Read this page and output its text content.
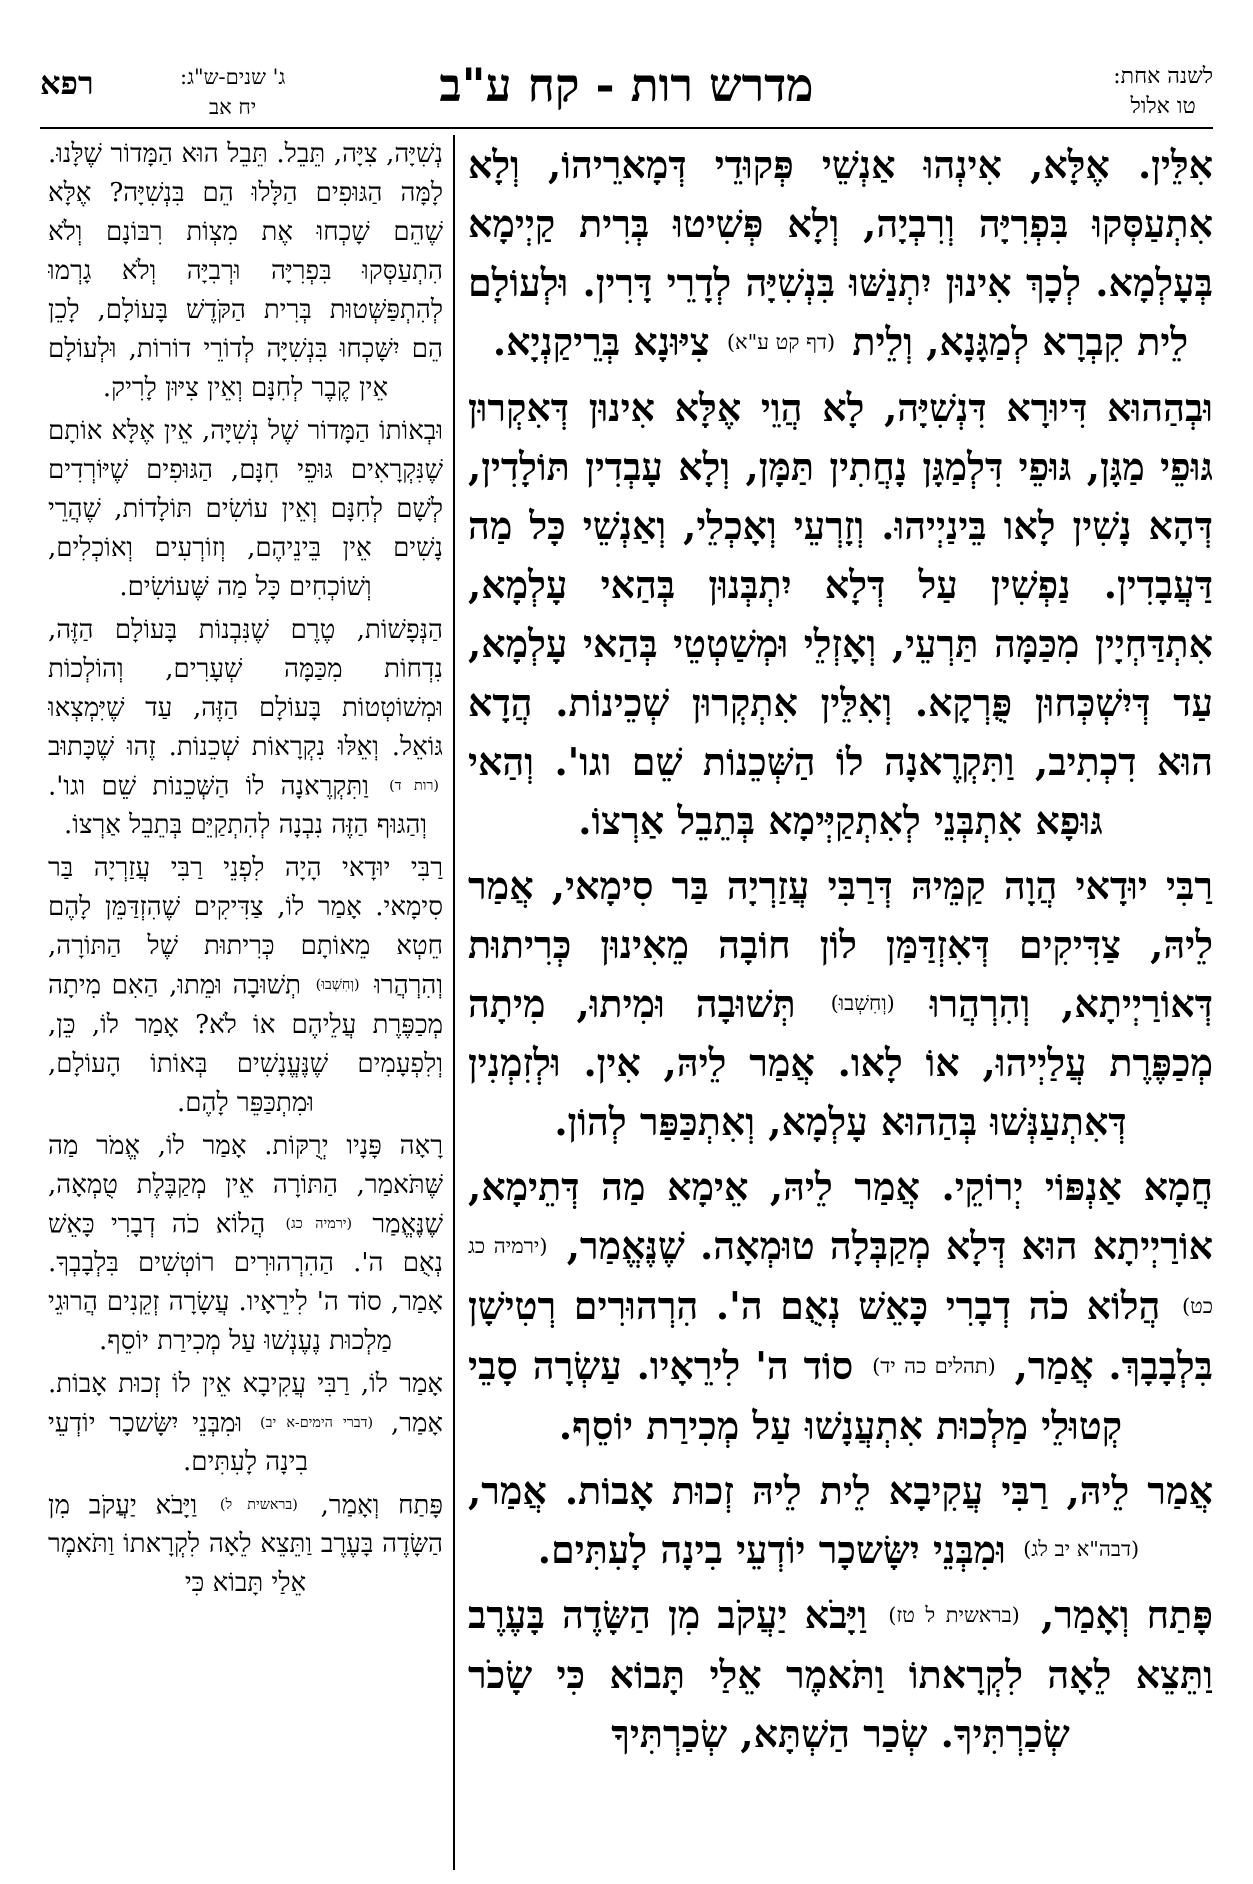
רפא	ג' שנים-ש"ג:
יח אב	מדרש רות - קח ע"ב	לשנה אחת:
טו אלול

אִלֵּין. אֶלָּא, אִינְהוּ אַנְשֵׁי פְּקוּדֵי דְּמָארֵיהוֹ, וְלָא אִתְעַסְּקוּ בִּפְרִיָּה וְרִבְיָה, וְלָא פְּשִׁיטוּ בְּרִית קַיְימָא בְּעָלְמָא. לְכָךְ אִינוּן יִתְנַשּׁוּ בִּנְשִׁיָּה לְדָרֵי דָּרִין. וּלְעוֹלָם לֵית קִבְרָא לְמַגָּנָא, וְלֵית (דף קט ע"א) צִיּוּנָא בְּרֵיקַנְיָא.

וּבְהַהוּא דִּיוּרָא דִּנְשִׁיָּה, לָא הֲוֵי אֶלָּא אִינוּן דְּאִקְרוּן גּוּפֵי מַגָּן, גּוּפֵי דִּלְמַגָּן נָחֲתִין תַּמָּן, וְלָא עָבְדִין תּוֹלָדִין, דְּהָא נָשִׁין לָאו בֵּינַיְיהוּ. וְזָרְעֵי וְאָכְלֵי, וְאַנְשֵׁי כָּל מַה דַּעֲבָדִין. נַפְשִׁין עַל דְּלָא יִתְבְּנוּן בְּהַאי עָלְמָא, אִתְדַּחְיָין מִכַּמָּה תַּרְעֵי, וְאָזְלֵי וּמְשַׁטְטֵי בְּהַאי עָלְמָא, עַד דְּיִשְׁכְּחוּן פֻּרְקָא. וְאִלֵּין אִתְקְרוּן שְׁכֵינוֹת. הֲדָא הוּא דִכְתִיב, וַתִּקְרֶאנָה לוֹ הַשְּׁכֵנוֹת שֵׁם וגו'. וְהַאי גּוּפָא אִתְבְּנֵי לְאִתְקַיְּימָא בְּתֵבֵל אַרְצוֹ.

רַבִּי יוּדָאי הֲוָה קַמֵּיהּ דְּרַבִּי עֲזַרְיָה בַּר סִימָאי, אֲמַר לֵיהּ, צַדִּיקִים דְּאִזְדַּמַּן לוֹן חוֹבָה מֵאִינוּן כְּרִיתוּת דְּאוֹרַיְיתָא, וְהִרְהֲרוּ (וְחִשְׁבוּ) תְּשׁוּבָה וּמִיתוּ, מִיתָה מְכַפֶּרֶת עֲלַיְיהוּ, אוֹ לָאו. אֲמַר לֵיהּ, אִין. וּלְזִמְנִין דְּאִתְעַנְּשׁוּ בְּהַהוּא עָלְמָא, וְאִתְכַּפַּר לְהוֹן.

חֲמָא אַנְפּוֹי יְרוֹקֵי. אֲמַר לֵיהּ, אֵימָא מַה דְּתֵימָא, אוֹרַיְיתָא הוּא דְּלָא מְקַבְּלָה טוּמְאָה. שֶׁנֶּאֱמַר, (ירמיה כג כט) הֲלוֹא כֹה דְבָרִי כָּאֵשׁ נְאֻם ה'. הִרְהוּרִים רְטִישָׁן בִּלְבָבָךְ. אֲמַר, (תהלים כה יד) סוֹד ה' לִירֵאָיו. עַשְׂרָה סָבֵי קְטוּלֵי מַלְכוּת אִתְעֲנָשׁוּ עַל מְכִירַת יוֹסֵף.

אֲמַר לֵיהּ, רַבִּי עֲקִיבָא לֵית לֵיהּ זְכוּת אָבוֹת. אֲמַר, (דבה"א יב לג) וּמִבְּנֵי יִשָּׂשכָר יוֹדְעֵי בִינָה לָעִתִּים.

פָּתַח וְאָמַר, (בראשית ל טז) וַיָּבֹא יַעֲקֹב מִן הַשָּׂדֶה בָּעֶרֶב וַתֵּצֵא לֵאָה לִקְרָאתוֹ וַתֹּאמֶר אֵלַי תָּבוֹא כִּי שָׂכֹר שְׂכַרְתִּיךָ. שְׂכַר הַשְׁתָּא, שְׂכַרְתִּיךָ

נְשִׁיָּה, צִיָּה, תֵּבֵל. תֵּבֵל הוּא הַמָּדוֹר שֶׁלָּנוּ. לָמָּה הַגּוּפִים הַלָּלוּ הֵם בִּנְשִׁיָּה? אֶלָּא שֶׁהֵם שָׁכְחוּ אֶת מִצְוֹת רִבּוֹנָם וְלֹא הִתְעַסְּקוּ בִּפְרִיָּה וּרְבִיָּה וְלֹא גָרְמוּ לְהִתְפַּשְּׁטוּת בְּרִית הַקֹּדֶשׁ בָּעוֹלָם, לָכֵן הֵם יִשָּׁכְחוּ בִּנְשִׁיָּה לְדוֹרֵי דוֹרוֹת, וּלְעוֹלָם אֵין קֶבֶר לְחִנָּם וְאֵין צִיּוּן לָרִיק.

וּבְאוֹתוֹ הַמָּדוֹר שֶׁל נְשִׁיָּה, אֵין אֶלָּא אוֹתָם שֶׁנִּקְרָאִים גּוּפֵי חִנָּם, הַגּוּפִים שֶׁיּוֹרְדִים לְשָׁם לְחִנָּם וְאֵין עוֹשִׂים תּוֹלָדוֹת, שֶׁהֲרֵי נָשִׁים אֵין בֵּינֵיהֶם, וְזוֹרְעִים וְאוֹכְלִים, וְשׁוֹכְחִים כָּל מַה שֶּׁעוֹשִׂים.

הַנְּפָשׁוֹת, טֶרֶם שֶׁנִּבְנוֹת בָּעוֹלָם הַזֶּה, נִדְחוֹת מִכַּמָּה שְׁעָרִים, וְהוֹלְכוֹת וּמְשׁוֹטְטוֹת בָּעוֹלָם הַזֶּה, עַד שֶׁיִּמְצְאוּ גּוֹאֵל. וְאֵלּוּ נִקְרָאוֹת שְׁכֵנוֹת. זֶהוּ שֶׁכָּתוּב (רות ד) וַתִּקְרֶאנָה לוֹ הַשְּׁכֵנוֹת שֵׁם וגו'. וְהַגּוּף הַזֶּה נִבְנָה לְהִתְקַיֵּם בְּתֵבֵל אַרְצוֹ.

רַבִּי יוּדָאי הָיָה לִפְנֵי רַבִּי עֲזַרְיָה בַּר סִימָאי. אָמַר לוֹ, צַדִּיקִים שֶׁהִזְדַּמֵּן לָהֶם חֵטְא מֵאוֹתָם כְּרִיתוּת שֶׁל הַתּוֹרָה, וְהִרְהֲרוּ (וְחִשְׁבוּ) תְשׁוּבָה וּמֵתוּ, הַאִם מִיתָה מְכַפֶּרֶת עֲלֵיהֶם אוֹ לֹא? אָמַר לוֹ, כֵּן, וְלִפְעָמִים שֶׁנֶּעֱנָשִׁים בְּאוֹתוֹ הָעוֹלָם, וּמִתְכַּפֵּר לָהֶם.

רָאָה פָּנָיו יְרֻקּוֹת. אָמַר לוֹ, אֱמֹר מַה שֶּׁתֹּאמַר, הַתּוֹרָה אֵין מְקַבֶּלֶת טֻמְאָה, שֶׁנֶּאֱמַר (ירמיה כג) הֲלוֹא כֹה דְבָרִי כָּאֵשׁ נְאֻם ה'. הַהִרְהוּרִים רוֹטְשִׁים בִּלְבָבְךָ. אָמַר, סוֹד ה' לִירֵאָיו. עֲשָׂרָה זְקֵנִים הֲרוּגֵי מַלְכוּת נֶעֶנְשׁוּ עַל מְכִירַת יוֹסֵף.

אָמַר לוֹ, רַבִּי עֲקִיבָא אֵין לוֹ זְכוּת אָבוֹת. אָמַר, (דברי הימים-א יב) וּמִבְּנֵי יִשָּׂשכָר יוֹדְעֵי בִינָה לָעִתִּים.

פָּתַח וְאָמַר, (בראשית ל) וַיָּבֹא יַעֲקֹב מִן הַשָּׂדֶה בָּעֶרֶב וַתֵּצֵא לֵאָה לִקְרָאתוֹ וַתֹּאמֶר אֵלַי תָּבוֹא כִּי
